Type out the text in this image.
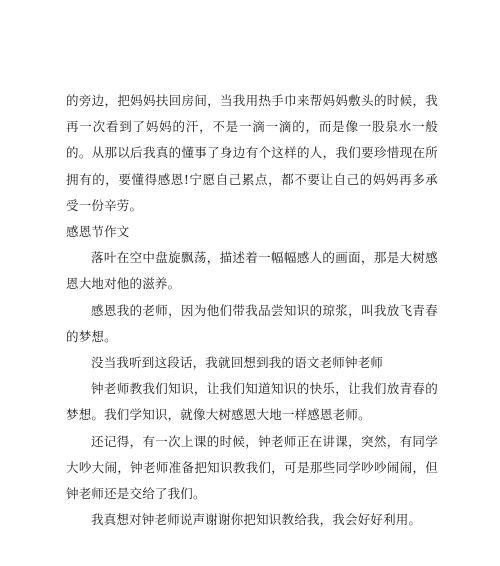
的旁边，把妈妈扶回房间，当我用热手巾来帮妈妈敷头的时候，我再一次看到了妈妈的汗，不是一滴一滴的，而是像一股泉水一般的。从那以后我真的懂事了身边有个这样的人，我们要珍惜现在所拥有的，要懂得感恩!宁愿自己累点，都不要让自己的妈妈再多承受一份辛劳。

感恩节作文

落叶在空中盘旋飘荡，描述着一幅幅感人的画面，那是大树感恩大地对他的滋养。

感恩我的老师，因为他们带我品尝知识的琼浆，叫我放飞青春的梦想。

没当我听到这段话，我就回想到我的语文老师钟老师

钟老师教我们知识，让我们知道知识的快乐，让我们放青春的梦想。我们学知识，就像大树感恩大地一样感恩老师。

还记得，有一次上课的时候，钟老师正在讲课，突然，有同学大吵大闹，钟老师准备把知识教我们，可是那些同学吵吵闹闹，但钟老师还是交给了我们。

我真想对钟老师说声谢谢你把知识教给我，我会好好利用。
